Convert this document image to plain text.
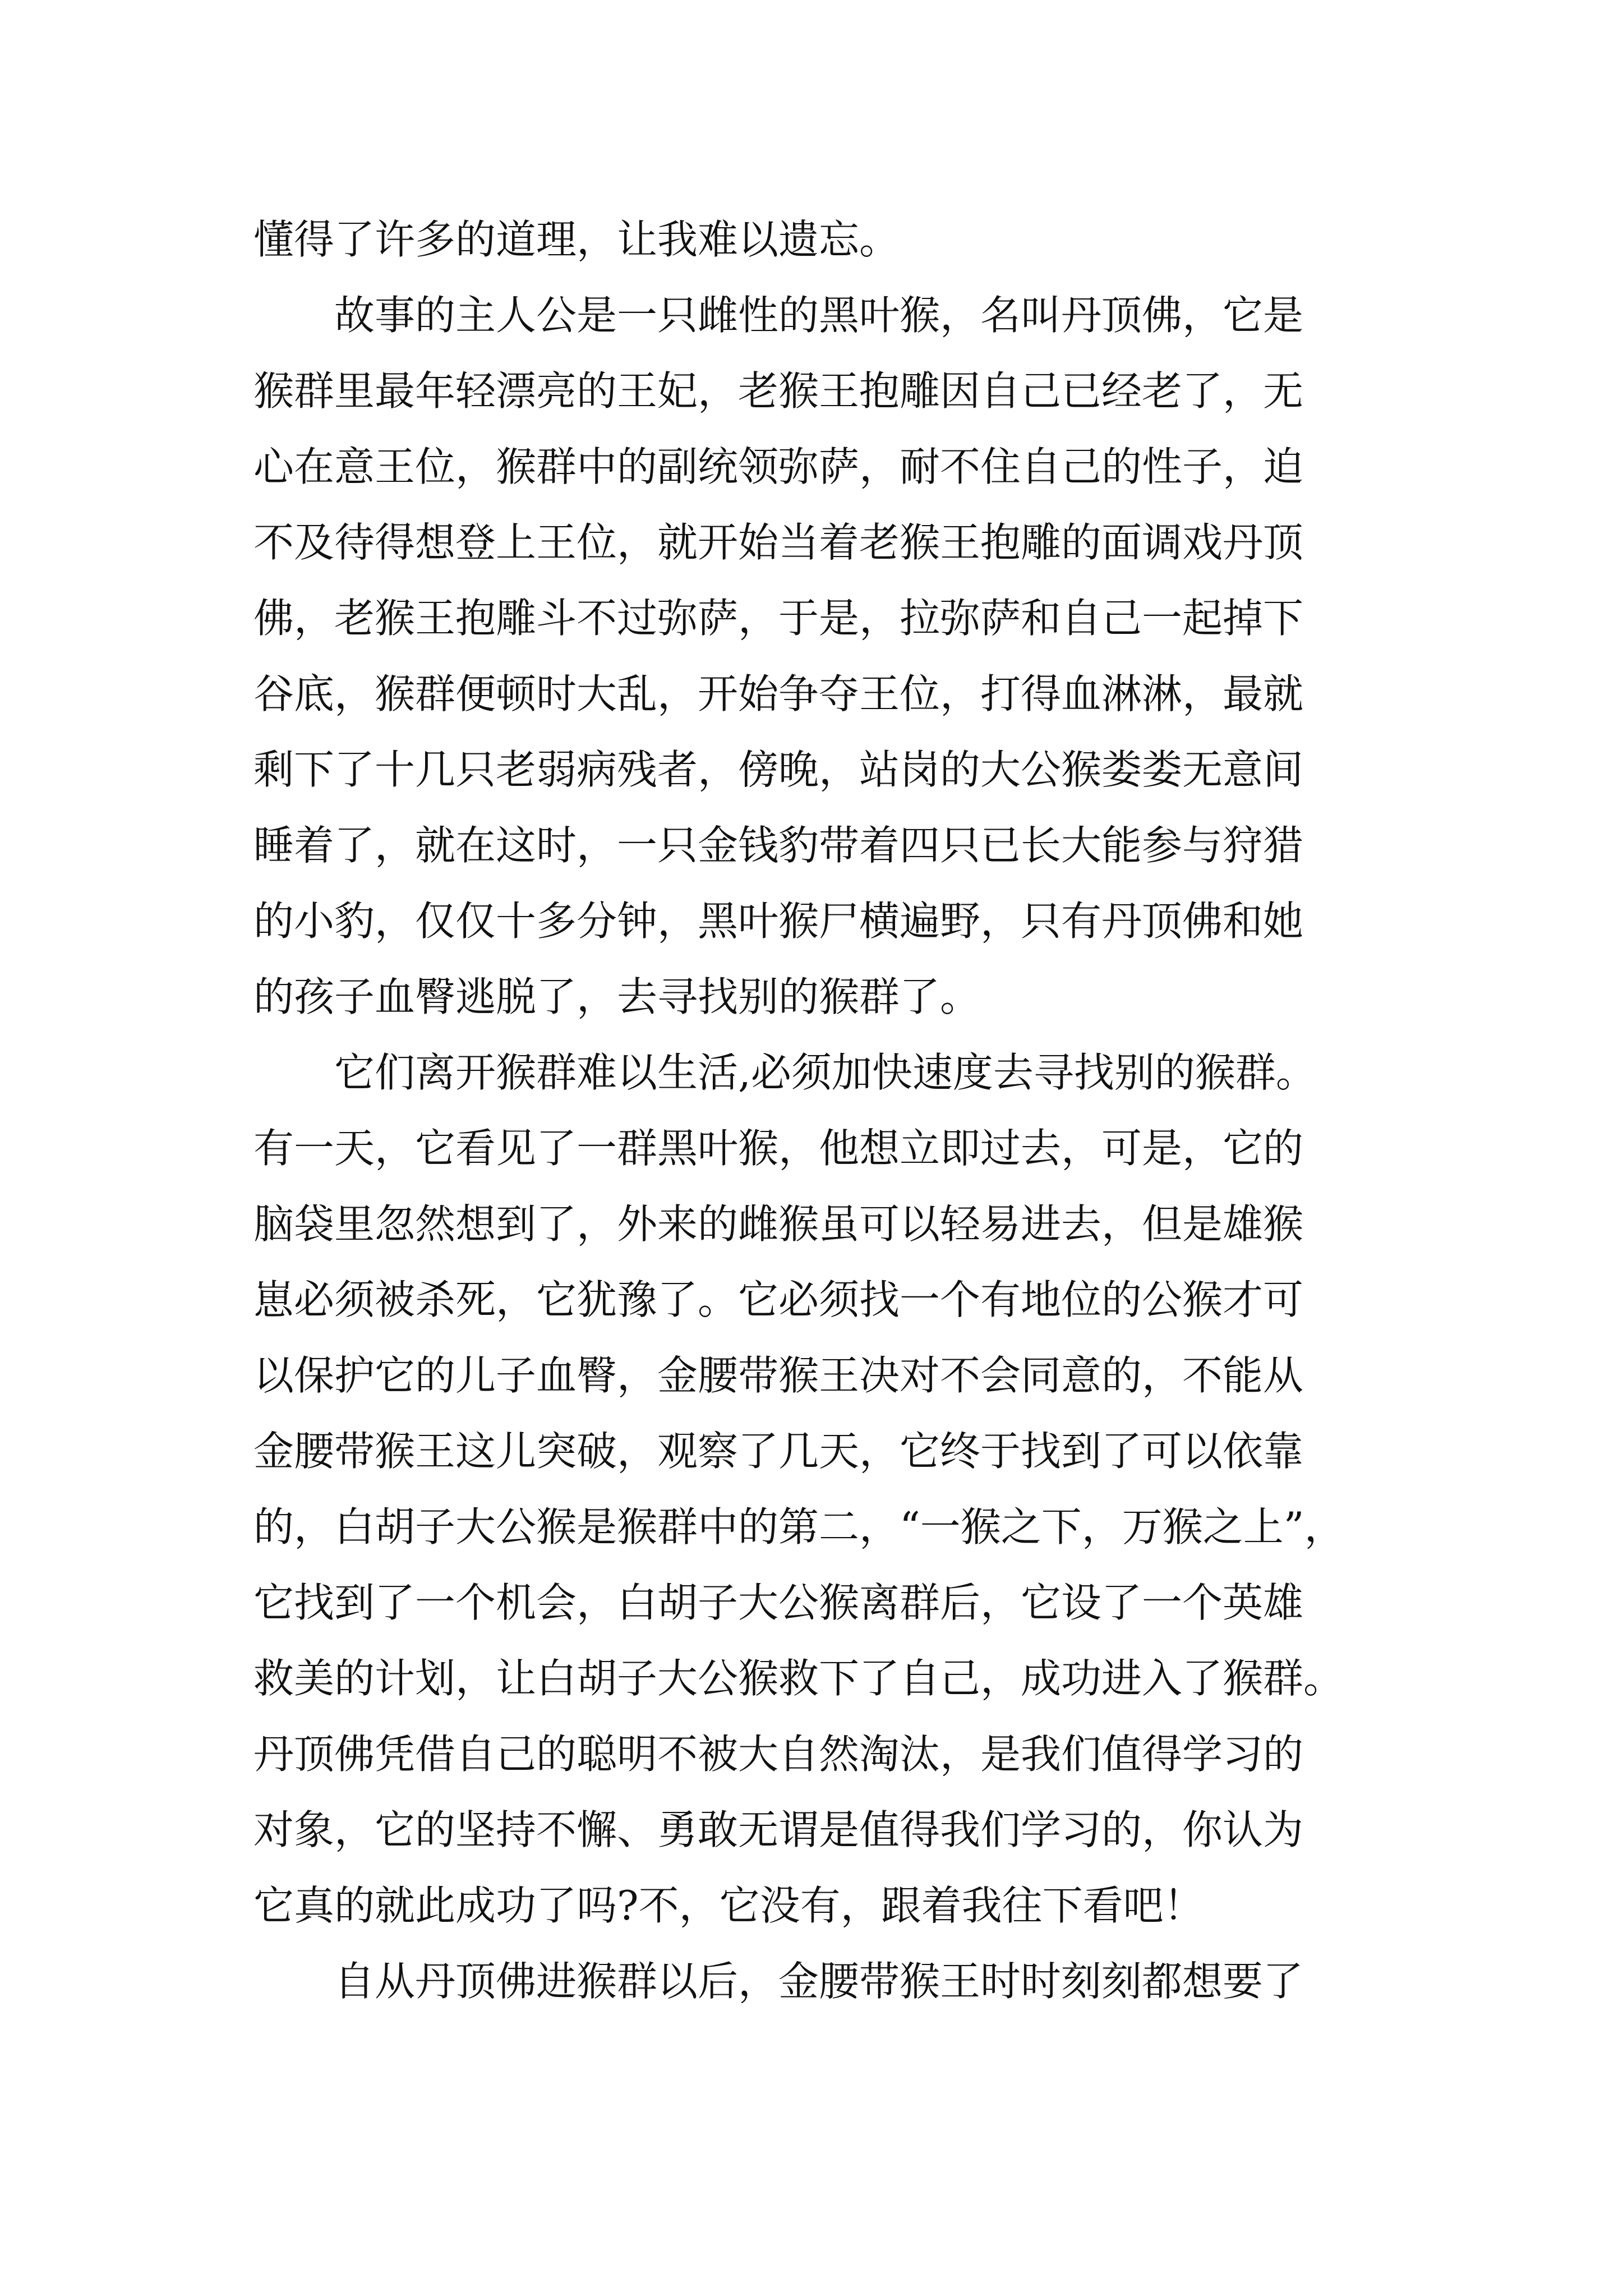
懂得了许多的道理，让我难以遗忘。
故事的主人公是一只雌性的黑叶猴，名叫丹顶佛，它是
猴群里最年轻漂亮的王妃，老猴王抱雕因自己已经老了，无
心在意王位，猴群中的副统领弥萨，耐不住自己的性子，迫
不及待得想登上王位，就开始当着老猴王抱雕的面调戏丹顶
佛，老猴王抱雕斗不过弥萨，于是，拉弥萨和自己一起掉下
谷底，猴群便顿时大乱，开始争夺王位，打得血淋淋，最就
剩下了十几只老弱病残者，傍晚，站岗的大公猴娄娄无意间
睡着了，就在这时，一只金钱豹带着四只已长大能参与狩猎
的小豹，仅仅十多分钟，黑叶猴尸横遍野，只有丹顶佛和她
的孩子血臀逃脱了，去寻找别的猴群了。
它们离开猴群难以生活,必须加快速度去寻找别的猴群。
有一天，它看见了一群黑叶猴，他想立即过去，可是，它的
脑袋里忽然想到了，外来的雌猴虽可以轻易进去，但是雄猴
崽必须被杀死，它犹豫了。它必须找一个有地位的公猴才可
以保护它的儿子血臀，金腰带猴王决对不会同意的，不能从
金腰带猴王这儿突破，观察了几天，它终于找到了可以依靠
的，白胡子大公猴是猴群中的第二，“一猴之下，万猴之上”，
它找到了一个机会，白胡子大公猴离群后，它设了一个英雄
救美的计划，让白胡子大公猴救下了自己，成功进入了猴群。
丹顶佛凭借自己的聪明不被大自然淘汰，是我们值得学习的
对象，它的坚持不懈、勇敢无谓是值得我们学习的，你认为
它真的就此成功了吗?不，它没有，跟着我往下看吧！
自从丹顶佛进猴群以后，金腰带猴王时时刻刻都想要了
